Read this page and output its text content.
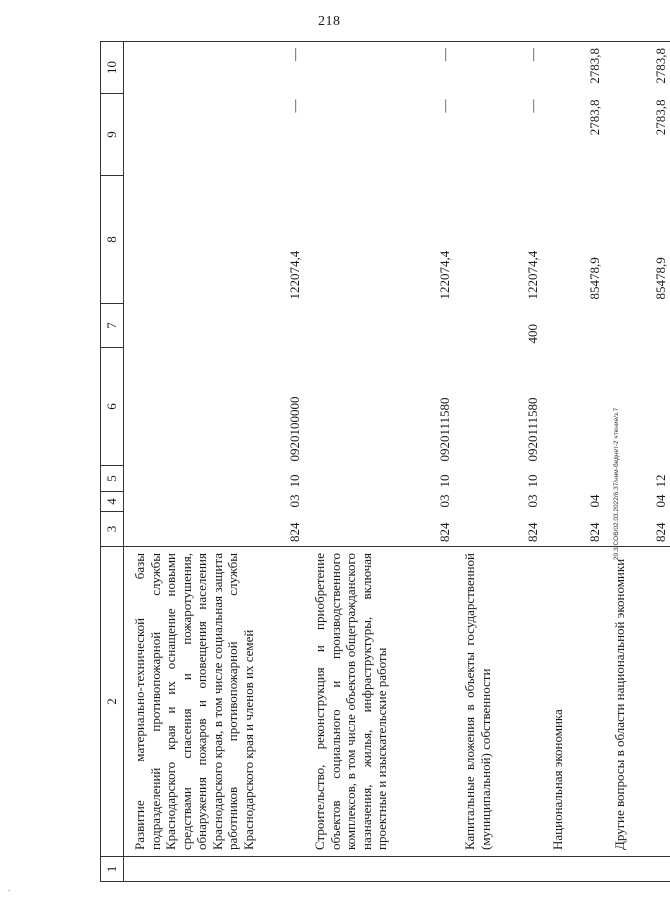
218
1	2	3	4	5	6	7	8	9	10
	Развитие материально-технической базы подразделений противопожарной службы Краснодарского края и их оснащение новыми средствами спасения и пожаротушения, обнаружения пожаров и оповещения населения Краснодарского края, в том числе социальная защита работников противопожарной службы Краснодарского края и членов их семей	824	03	10	0920100000		122074,4	—	—
	Строительство, реконструкция и приобретение объектов социального и производственного комплексов, в том числе объектов общегражданского назначения, жилья, инфраструктуры, включая проектные и изыскательские работы	824	03	10	0920111580		122074,4	—	—
	Капитальные вложения в объекты государственной (муниципальной) собственности	824	03	10	0920111580	400	122074,4	—	—
	Национальная экономика	824	04				85478,9	2783,8	2783,8
	Другие вопросы в области национальной экономики	824	04	12			85478,9	2783,8	2783,8
20.3/COB/02.03.2022/6.37/ням-беднет-2 чтение/з.7
.
